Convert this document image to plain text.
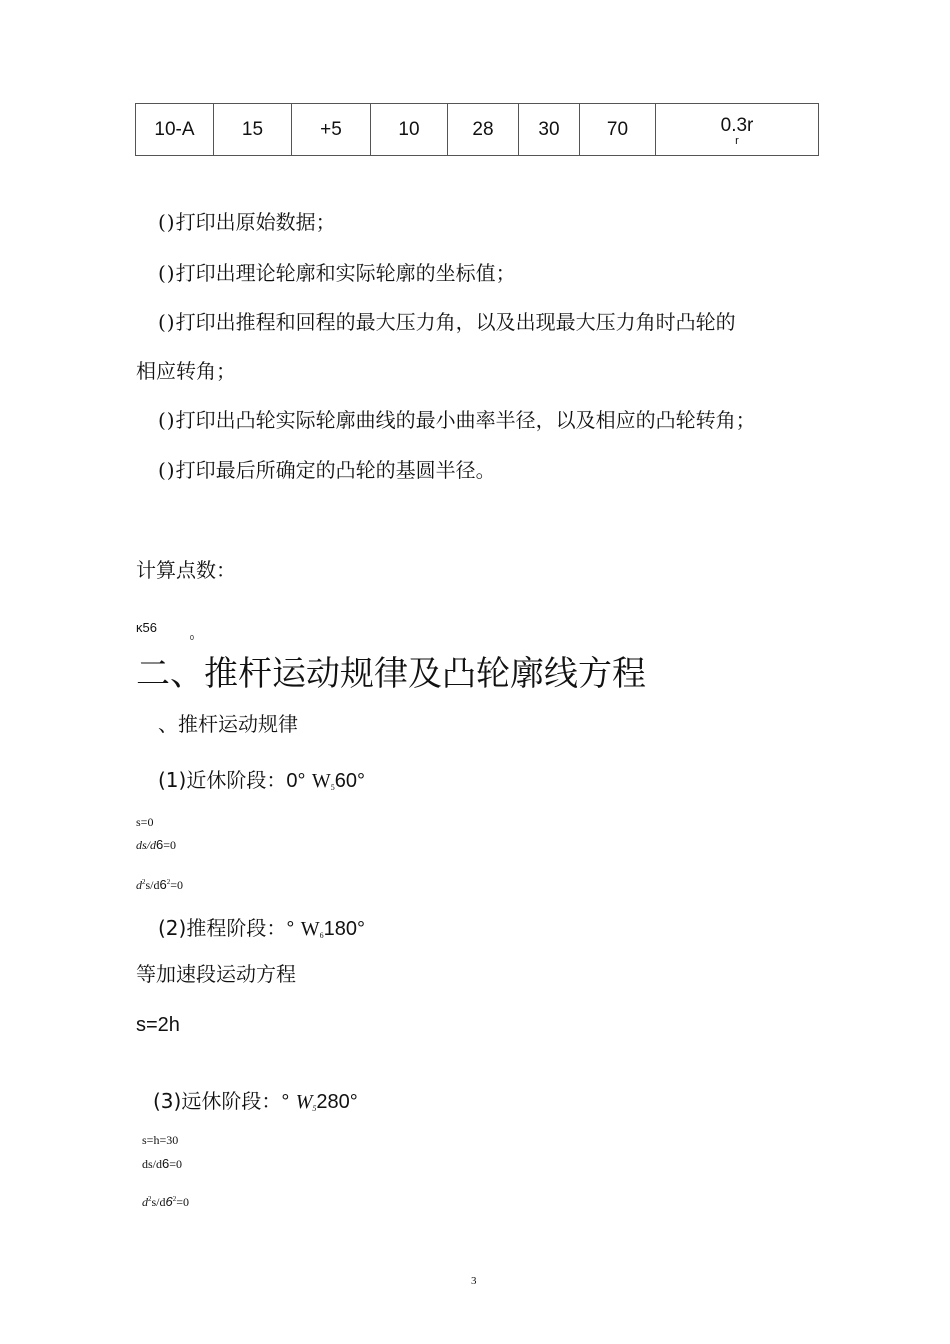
10-A	15	+5	10	28	30	70	0.3r
r
()打印出原始数据；
()打印出理论轮廓和实际轮廓的坐标值；
()打印出推程和回程的最大压力角，以及出现最大压力角时凸轮的
相应转角；
()打印出凸轮实际轮廓曲线的最小曲率半径，以及相应的凸轮转角；
()打印最后所确定的凸轮的基圆半径。
计算点数：
κ56
0
二、推杆运动规律及凸轮廓线方程
、推杆运动规律
(1)近休阶段：0° W560°
s=0
ds/d6=0
$d^2s/d6^2=0$
(2)推程阶段：° W6180°
等加速段运动方程
s=2h
(3)远休阶段：° W5280°
s=h=30
ds/d6=0
$d^2s/d6^2=0$
3
